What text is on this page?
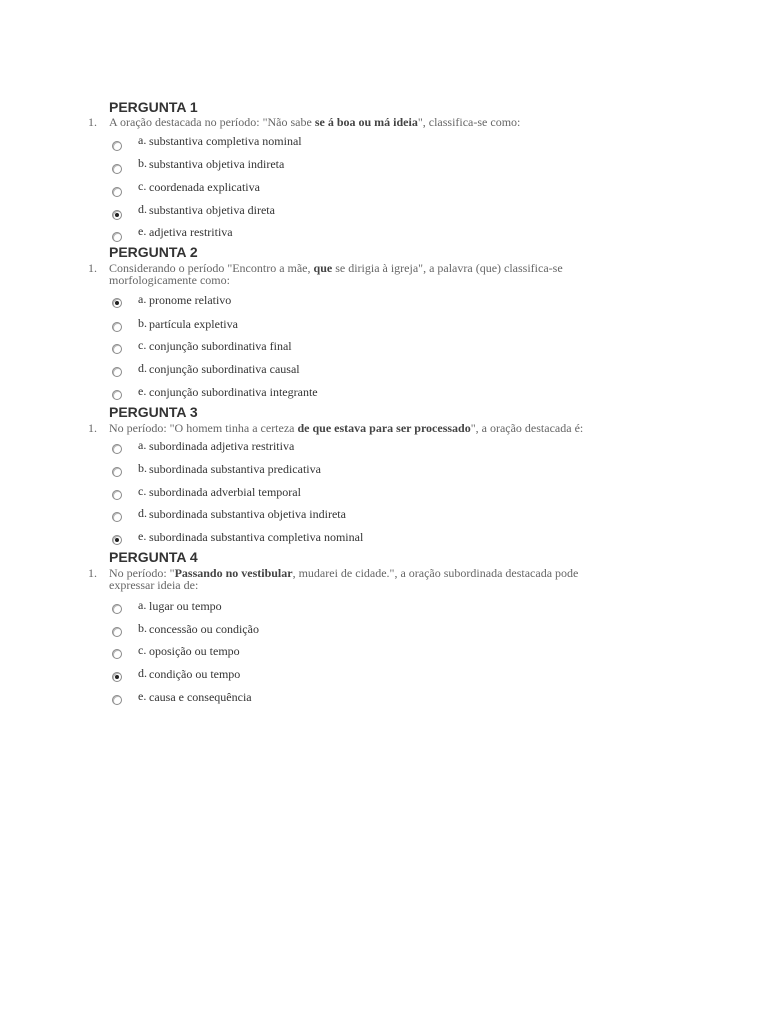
PERGUNTA 1
1. A oração destacada no período: "Não sabe se á boa ou má ideia", classifica-se como:
a. substantiva completiva nominal
b. substantiva objetiva indireta
c. coordenada explicativa
d. substantiva objetiva direta
e. adjetiva restritiva
PERGUNTA 2
1. Considerando o período "Encontro a mãe, que se dirigia à igreja", a palavra (que) classifica-se morfologicamente como:
a. pronome relativo
b. partícula expletiva
c. conjunção subordinativa final
d. conjunção subordinativa causal
e. conjunção subordinativa integrante
PERGUNTA 3
1. No período: "O homem tinha a certeza de que estava para ser processado", a oração destacada é:
a. subordinada adjetiva restritiva
b. subordinada substantiva predicativa
c. subordinada adverbial temporal
d. subordinada substantiva objetiva indireta
e. subordinada substantiva completiva nominal
PERGUNTA 4
1. No período: "Passando no vestibular, mudarei de cidade.", a oração subordinada destacada pode expressar ideia de:
a. lugar ou tempo
b. concessão ou condição
c. oposição ou tempo
d. condição ou tempo
e. causa e consequência
